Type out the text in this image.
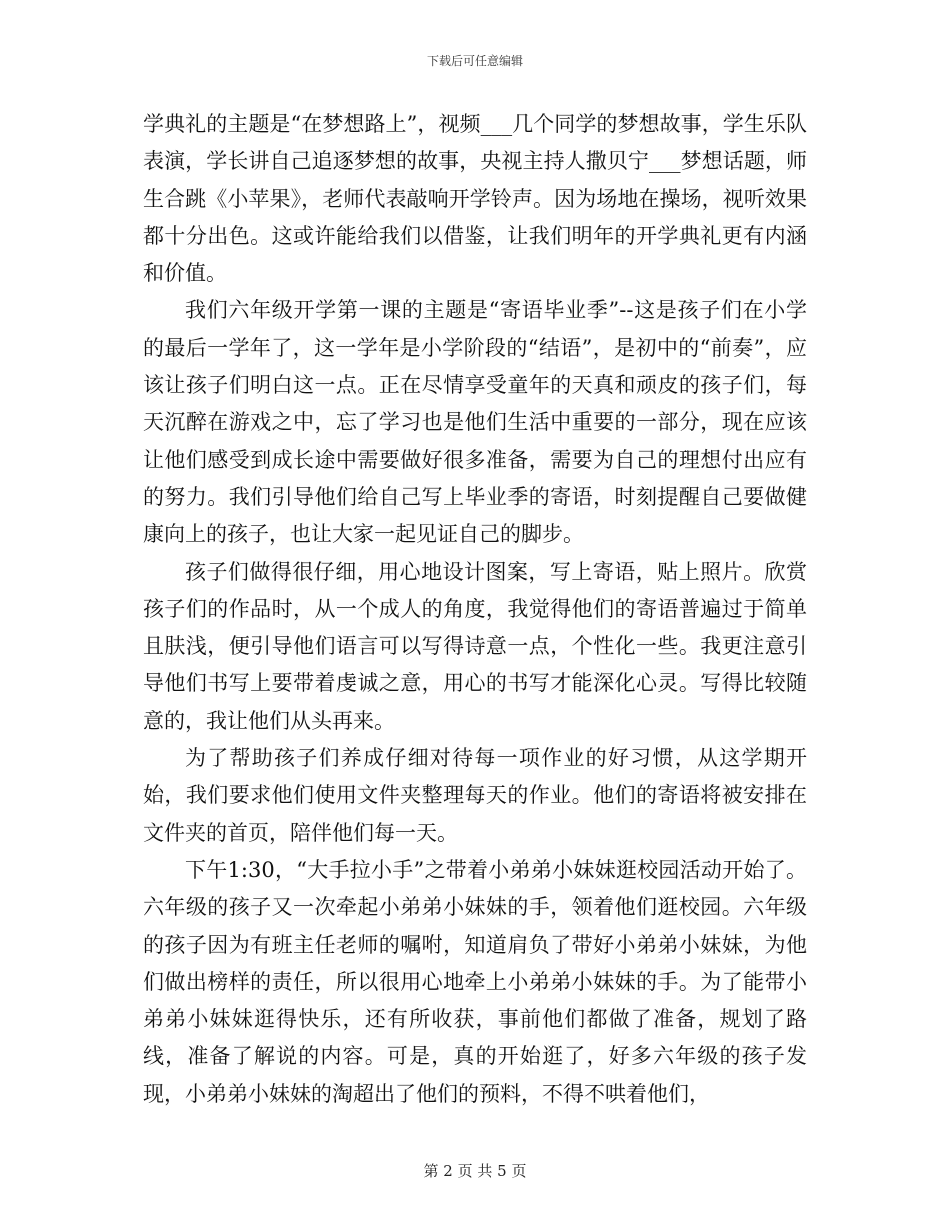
下载后可任意编辑

学典礼的主题是“在梦想路上”，视频___几个同学的梦想故事，学生乐队表演，学长讲自己追逐梦想的故事，央视主持人撒贝宁___梦想话题，师生合跳《小苹果》，老师代表敲响开学铃声。因为场地在操场，视听效果都十分出色。这或许能给我们以借鉴，让我们明年的开学典礼更有内涵和价值。

我们六年级开学第一课的主题是“寄语毕业季”--这是孩子们在小学的最后一学年了，这一学年是小学阶段的“结语”，是初中的“前奏”，应该让孩子们明白这一点。正在尽情享受童年的天真和顽皮的孩子们，每天沉醉在游戏之中，忘了学习也是他们生活中重要的一部分，现在应该让他们感受到成长途中需要做好很多准备，需要为自己的理想付出应有的努力。我们引导他们给自己写上毕业季的寄语，时刻提醒自己要做健康向上的孩子，也让大家一起见证自己的脚步。

孩子们做得很仔细，用心地设计图案，写上寄语，贴上照片。欣赏孩子们的作品时，从一个成人的角度，我觉得他们的寄语普遍过于简单且肤浅，便引导他们语言可以写得诗意一点，个性化一些。我更注意引导他们书写上要带着虔诚之意，用心的书写才能深化心灵。写得比较随意的，我让他们从头再来。

为了帮助孩子们养成仔细对待每一项作业的好习惯，从这学期开始，我们要求他们使用文件夹整理每天的作业。他们的寄语将被安排在文件夹的首页，陪伴他们每一天。

下午1:30，“大手拉小手”之带着小弟弟小妹妹逛校园活动开始了。六年级的孩子又一次牵起小弟弟小妹妹的手，领着他们逛校园。六年级的孩子因为有班主任老师的嘱咐，知道肩负了带好小弟弟小妹妹，为他们做出榜样的责任，所以很用心地牵上小弟弟小妹妹的手。为了能带小弟弟小妹妹逛得快乐，还有所收获，事前他们都做了准备，规划了路线，准备了解说的内容。可是，真的开始逛了，好多六年级的孩子发现，小弟弟小妹妹的淘超出了他们的预料，不得不哄着他们，

第 2 页 共 5 页
